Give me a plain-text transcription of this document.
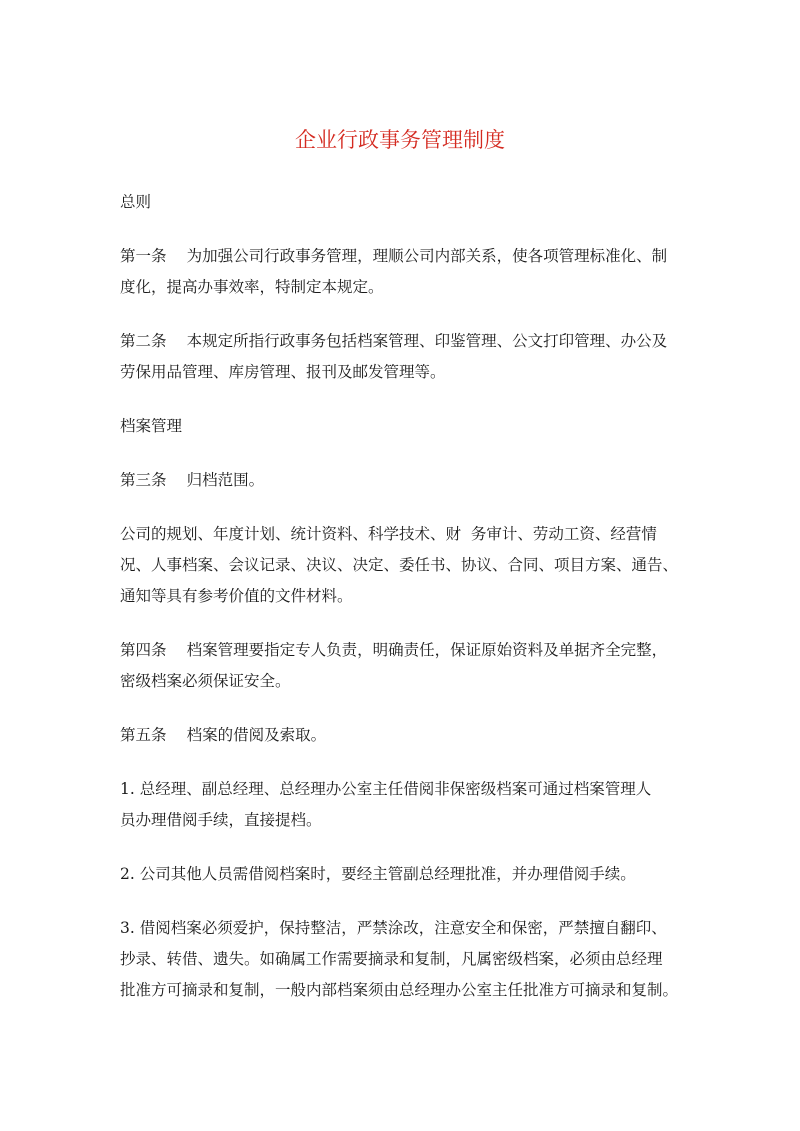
企业行政事务管理制度

总则

第一条 为加强公司行政事务管理，理顺公司内部关系，使各项管理标准化、制
度化，提高办事效率，特制定本规定。

第二条 本规定所指行政事务包括档案管理、印鉴管理、公文打印管理、办公及
劳保用品管理、库房管理、报刊及邮发管理等。

档案管理

第三条 归档范围。

公司的规划、年度计划、统计资料、科学技术、财  务审计、劳动工资、经营情
况、人事档案、会议记录、决议、决定、委任书、协议、合同、项目方案、通告、
通知等具有参考价值的文件材料。

第四条 档案管理要指定专人负责，明确责任，保证原始资料及单据齐全完整，
密级档案必须保证安全。

第五条 档案的借阅及索取。

1. 总经理、副总经理、总经理办公室主任借阅非保密级档案可通过档案管理人
员办理借阅手续，直接提档。

2. 公司其他人员需借阅档案时，要经主管副总经理批准，并办理借阅手续。

3. 借阅档案必须爱护，保持整洁，严禁涂改，注意安全和保密，严禁擅自翻印、
抄录、转借、遗失。如确属工作需要摘录和复制，凡属密级档案，必须由总经理
批准方可摘录和复制，一般内部档案须由总经理办公室主任批准方可摘录和复制。
